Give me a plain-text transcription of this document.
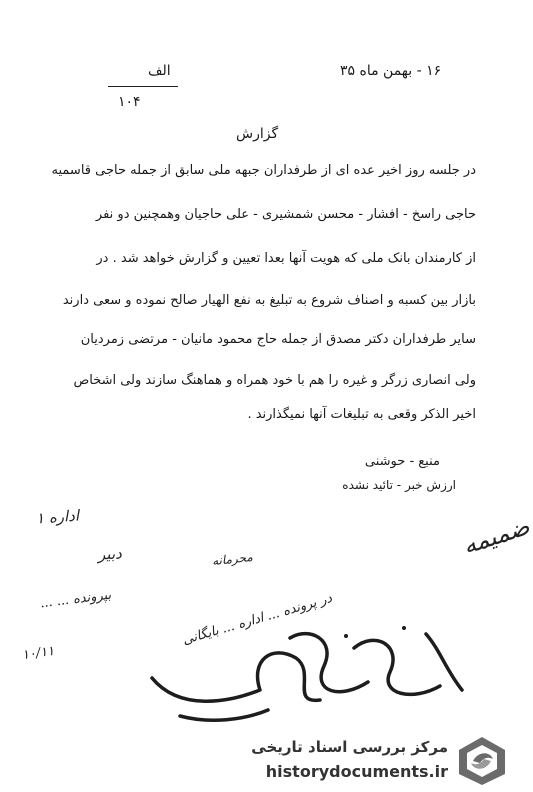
۱۶ - بهمن ماه ۳۵
الف
۱۰۴
گزارش
در جلسه روز اخیر عده ای از طرفداران جبهه ملی سابق از جمله حاجی قاسمیه
حاجی راسخ - افشار - محسن شمشیری - علی حاجیان وهمچنین دو نفر
از کارمندان بانک ملی که هویت آنها بعدا تعیین و گزارش خواهد شد . در
بازار بین کسبه و اصناف شروع به تبلیغ به نفع الهیار صالح نموده و سعی دارند
سایر طرفداران دکتر مصدق از جمله حاج محمود مانیان - مرتضی زمردیان
ولی انصاری زرگر و غیره را هم با خود همراه و هماهنگ سازند ولی اشخاص
اخیر الذکر وقعی به تبلیغات آنها نمیگذارند .
منبع - حوشنی
ارزش خبر - تائید نشده
اداره ۱
دبیر
بپرونده ... ...
۱۰/۱۱
محرمانه
در پرونده ... اداره ... بایگانی
ضمیمه
مرکز بررسی اسناد تاریخی
historydocuments.ir
